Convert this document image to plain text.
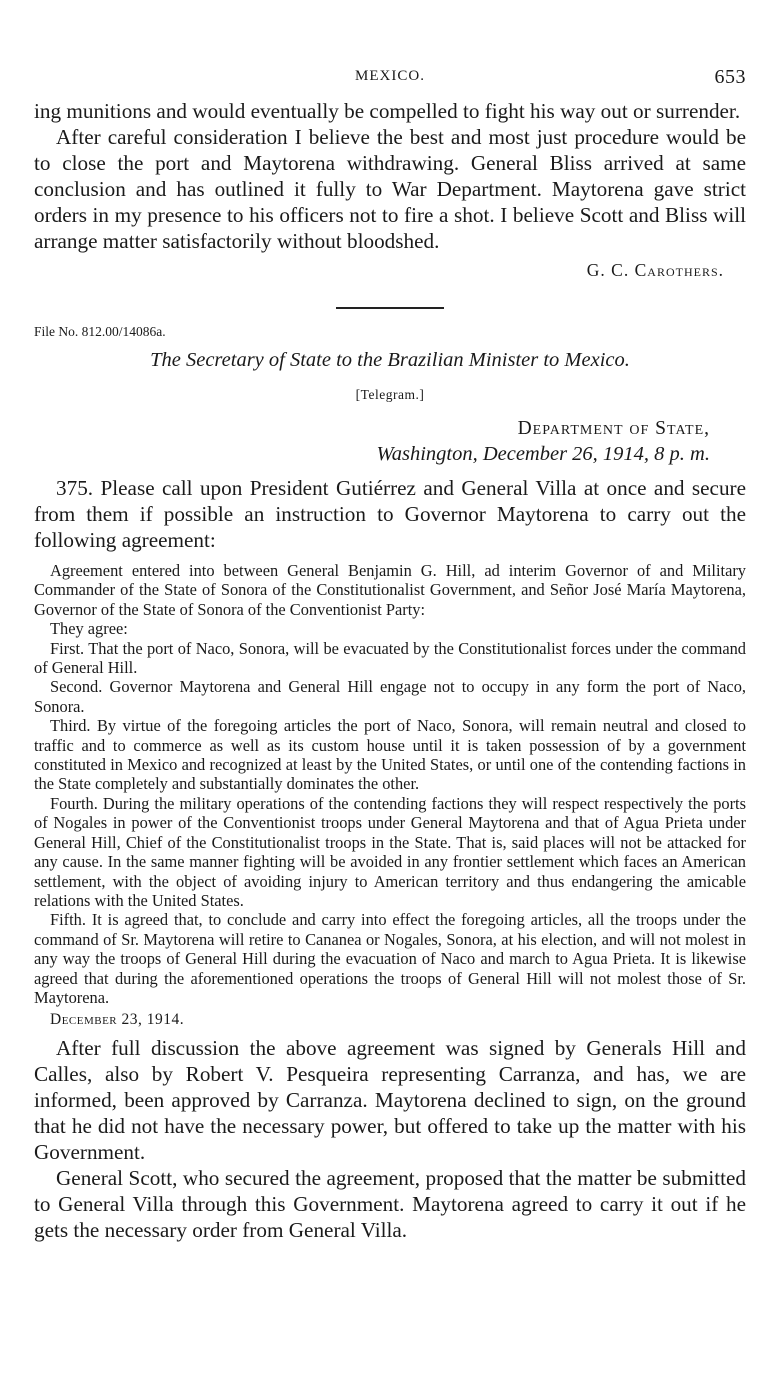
MEXICO.	653

ing munitions and would eventually be compelled to fight his way out or surrender.

After careful consideration I believe the best and most just procedure would be to close the port and Maytorena withdrawing. General Bliss arrived at same conclusion and has outlined it fully to War Department. Maytorena gave strict orders in my presence to his officers not to fire a shot. I believe Scott and Bliss will arrange matter satisfactorily without bloodshed.

G. C. Carothers.

File No. 812.00/14086a.

The Secretary of State to the Brazilian Minister to Mexico.

[Telegram.]

Department of State,
Washington, December 26, 1914, 8 p. m.

375. Please call upon President Gutiérrez and General Villa at once and secure from them if possible an instruction to Governor Maytorena to carry out the following agreement:

Agreement entered into between General Benjamin G. Hill, ad interim Governor of and Military Commander of the State of Sonora of the Constitutionalist Government, and Señor José María Maytorena, Governor of the State of Sonora of the Conventionist Party:

They agree:

First. That the port of Naco, Sonora, will be evacuated by the Constitutionalist forces under the command of General Hill.

Second. Governor Maytorena and General Hill engage not to occupy in any form the port of Naco, Sonora.

Third. By virtue of the foregoing articles the port of Naco, Sonora, will remain neutral and closed to traffic and to commerce as well as its custom house until it is taken possession of by a government constituted in Mexico and recognized at least by the United States, or until one of the contending factions in the State completely and substantially dominates the other.

Fourth. During the military operations of the contending factions they will respect respectively the ports of Nogales in power of the Conventionist troops under General Maytorena and that of Agua Prieta under General Hill, Chief of the Constitutionalist troops in the State. That is, said places will not be attacked for any cause. In the same manner fighting will be avoided in any frontier settlement which faces an American settlement, with the object of avoiding injury to American territory and thus endangering the amicable relations with the United States.

Fifth. It is agreed that, to conclude and carry into effect the foregoing articles, all the troops under the command of Sr. Maytorena will retire to Cananea or Nogales, Sonora, at his election, and will not molest in any way the troops of General Hill during the evacuation of Naco and march to Agua Prieta. It is likewise agreed that during the aforementioned operations the troops of General Hill will not molest those of Sr. Maytorena.

December 23, 1914.

After full discussion the above agreement was signed by Generals Hill and Calles, also by Robert V. Pesqueira representing Carranza, and has, we are informed, been approved by Carranza. Maytorena declined to sign, on the ground that he did not have the necessary power, but offered to take up the matter with his Government.

General Scott, who secured the agreement, proposed that the matter be submitted to General Villa through this Government. Maytorena agreed to carry it out if he gets the necessary order from General Villa.
